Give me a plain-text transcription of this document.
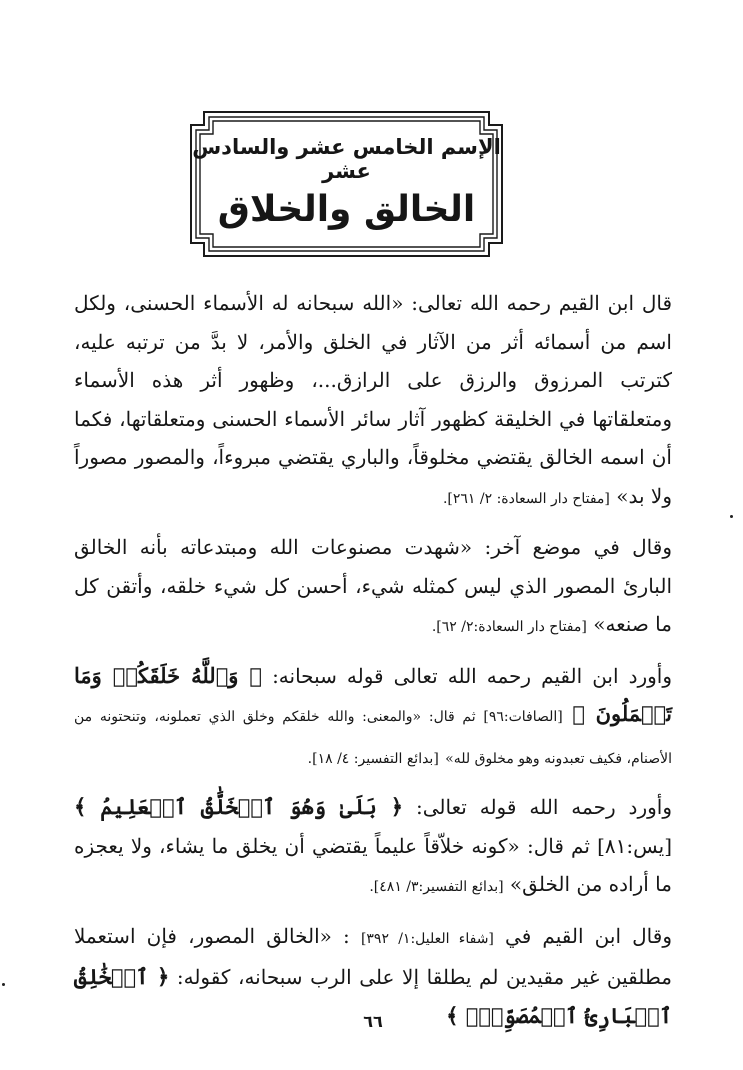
الإسم الخامس عشر والسادس عشر
الخالق والخلاق

قال ابن القيم رحمه الله تعالى: «الله سبحانه له الأسماء الحسنى، ولكل اسم من أسمائه أثر من الآثار في الخلق والأمر، لا بدَّ من ترتبه عليه، كترتب المرزوق والرزق على الرازق...، وظهور أثر هذه الأسماء ومتعلقاتها في الخليقة كظهور آثار سائر الأسماء الحسنى ومتعلقاتها، فكما أن اسمه الخالق يقتضي مخلوقاً، والباري يقتضي مبروءاً، والمصور مصوراً ولا بد» [مفتاح دار السعادة: ٢/ ٢٦١].

وقال في موضع آخر: «شهدت مصنوعات الله ومبتدعاته بأنه الخالق البارئ المصور الذي ليس كمثله شيء، أحسن كل شيء خلقه، وأتقن كل ما صنعه» [مفتاح دار السعادة:٢/ ٦٢].

وأورد ابن القيم رحمه الله تعالى قوله سبحانه: ﴿ وَٱللَّهُ خَلَقَكُمۡ وَمَا تَعۡمَلُونَ ﴾ [الصافات:٩٦] ثم قال: «والمعنى: والله خلقكم وخلق الذي تعملونه، وتنحتونه من الأصنام، فكيف تعبدونه وهو مخلوق لله» [بدائع التفسير: ٤/ ١٨].

وأورد رحمه الله قوله تعالى: ﴿ بَلَىٰ وَهُوَ ٱلۡخَلَّٰقُ ٱلۡعَلِيمُ ﴾ [يس:٨١] ثم قال: «كونه خلاّقاً عليماً يقتضي أن يخلق ما يشاء، ولا يعجزه ما أراده من الخلق» [بدائع التفسير:٣/ ٤٨١].

وقال ابن القيم في [شفاء العليل:١/ ٣٩٢] : «الخالق المصور، فإن استعملا مطلقين غير مقيدين لم يطلقا إلا على الرب سبحانه، كقوله: ﴿ ٱلۡخَٰلِقُ ٱلۡبَارِئُ ٱلۡمُصَوِّرُۖ ﴾

٦٦
